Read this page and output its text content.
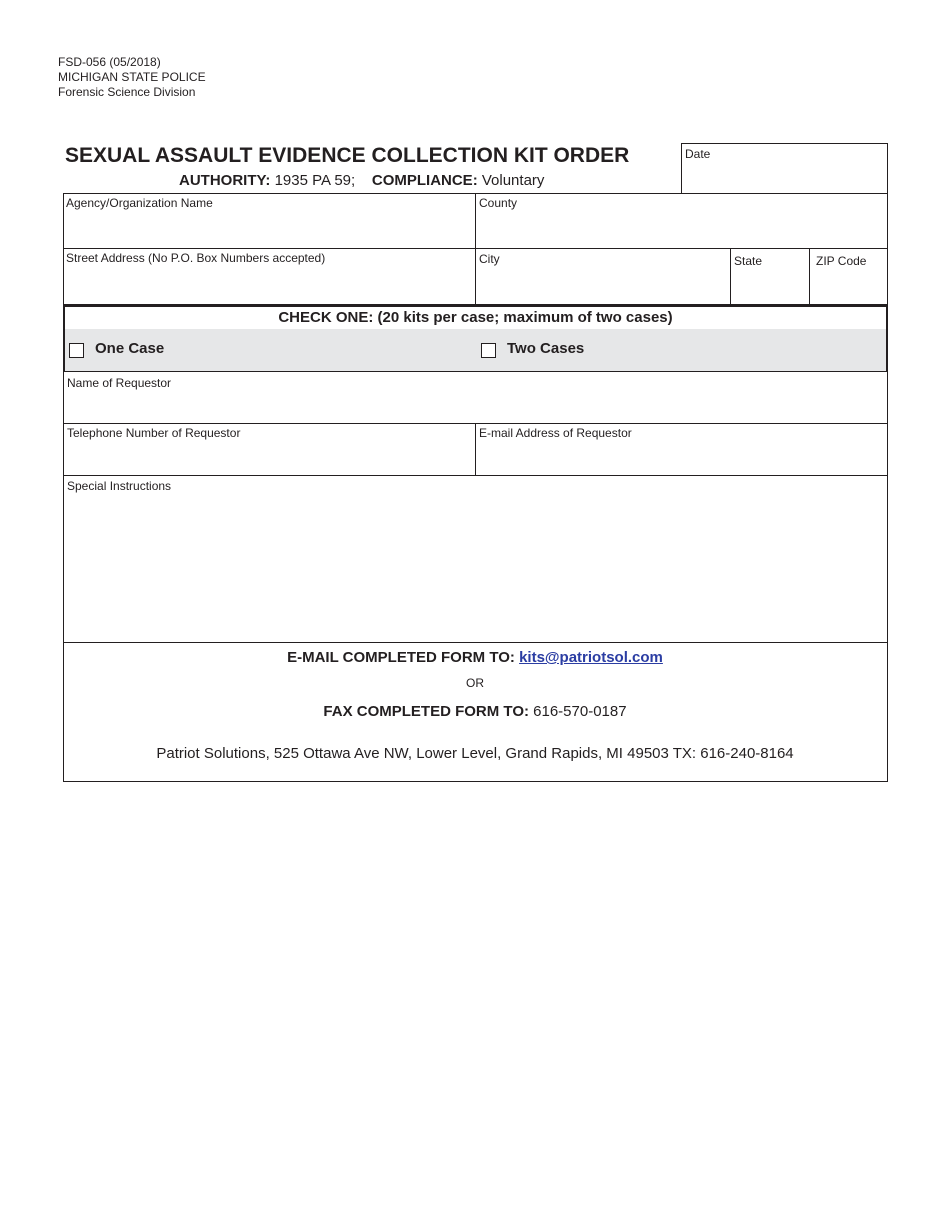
FSD-056 (05/2018)
MICHIGAN STATE POLICE
Forensic Science Division
SEXUAL ASSAULT EVIDENCE COLLECTION KIT ORDER
AUTHORITY: 1935 PA 59; COMPLIANCE: Voluntary
Date
Agency/Organization Name	County
Street Address (No P.O. Box Numbers accepted)	City	State	ZIP Code
CHECK ONE: (20 kits per case; maximum of two cases)
One Case	Two Cases
Name of Requestor
Telephone Number of Requestor	E-mail Address of Requestor
Special Instructions
E-MAIL COMPLETED FORM TO: kits@patriotsol.com
OR
FAX COMPLETED FORM TO: 616-570-0187
Patriot Solutions, 525 Ottawa Ave NW, Lower Level, Grand Rapids, MI 49503 TX: 616-240-8164
